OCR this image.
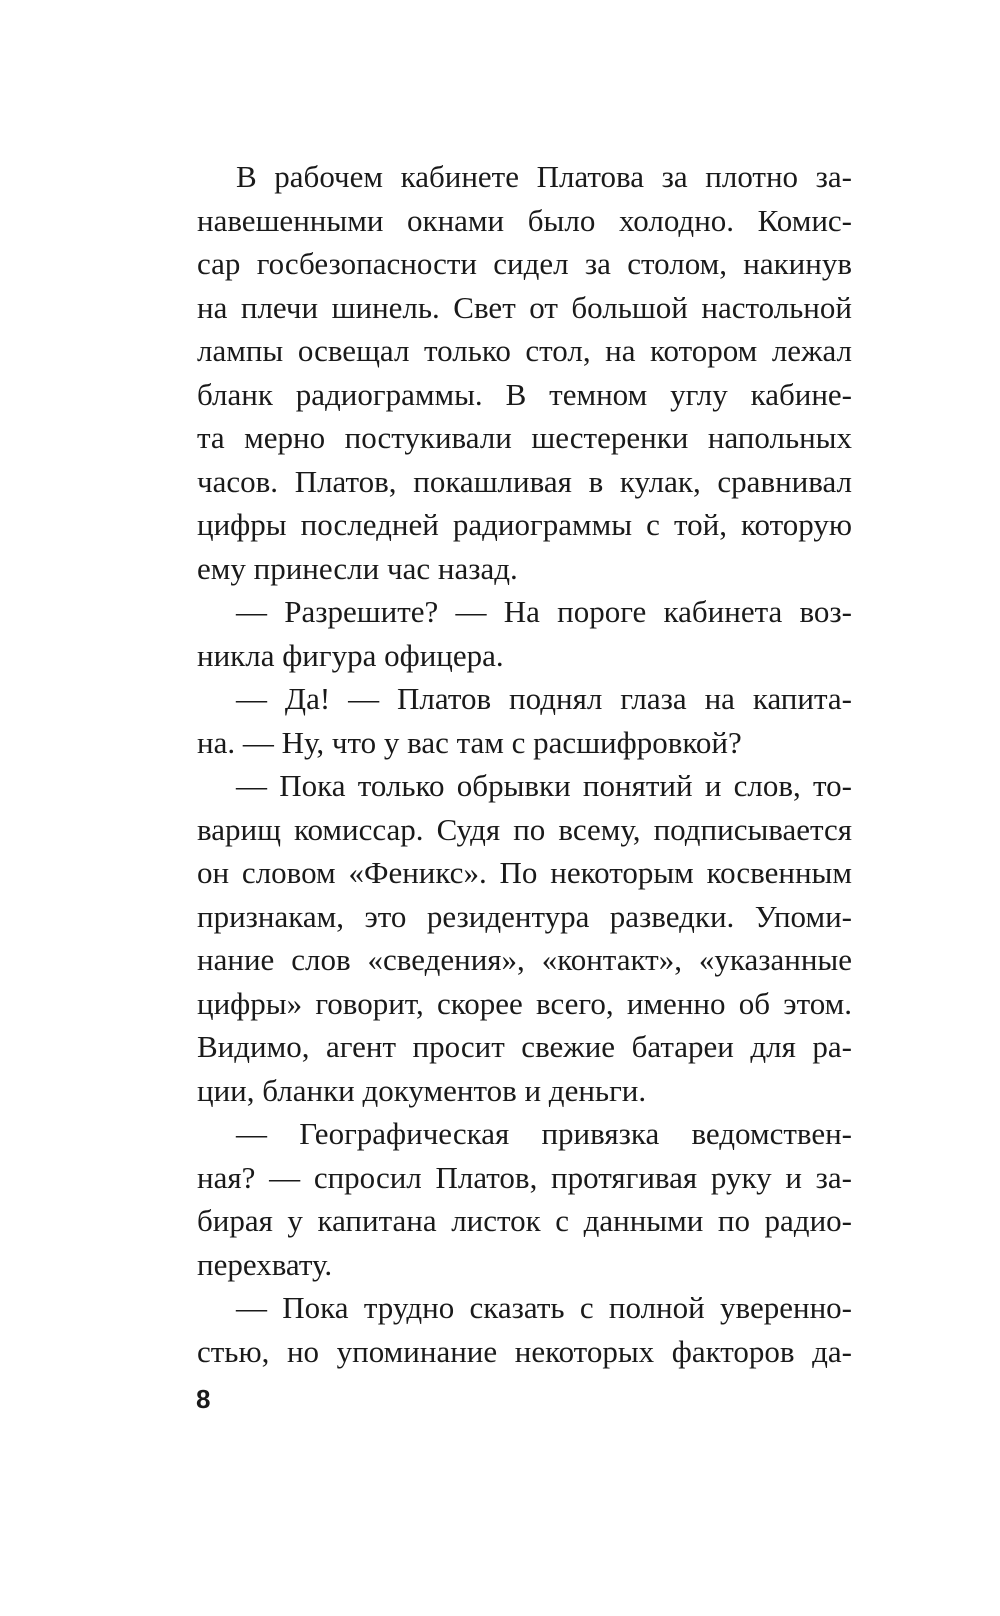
В рабочем кабинете Платова за плотно за-
навешенными окнами было холодно. Комис-
сар госбезопасности сидел за столом, накинув
на плечи шинель. Свет от большой настольной
лампы освещал только стол, на котором лежал
бланк радиограммы. В темном углу кабине-
та мерно постукивали шестеренки напольных
часов. Платов, покашливая в кулак, сравнивал
цифры последней радиограммы с той, которую
ему принесли час назад.
— Разрешите? — На пороге кабинета воз-
никла фигура офицера.
— Да! — Платов поднял глаза на капита-
на. — Ну, что у вас там с расшифровкой?
— Пока только обрывки понятий и слов, то-
варищ комиссар. Судя по всему, подписывается
он словом «Феникс». По некоторым косвенным
признакам, это резидентура разведки. Упоми-
нание слов «сведения», «контакт», «указанные
цифры» говорит, скорее всего, именно об этом.
Видимо, агент просит свежие батареи для ра-
ции, бланки документов и деньги.
— Географическая привязка ведомствен-
ная? — спросил Платов, протягивая руку и за-
бирая у капитана листок с данными по радио-
перехвату.
— Пока трудно сказать с полной уверенно-
стью, но упоминание некоторых факторов да-
8
